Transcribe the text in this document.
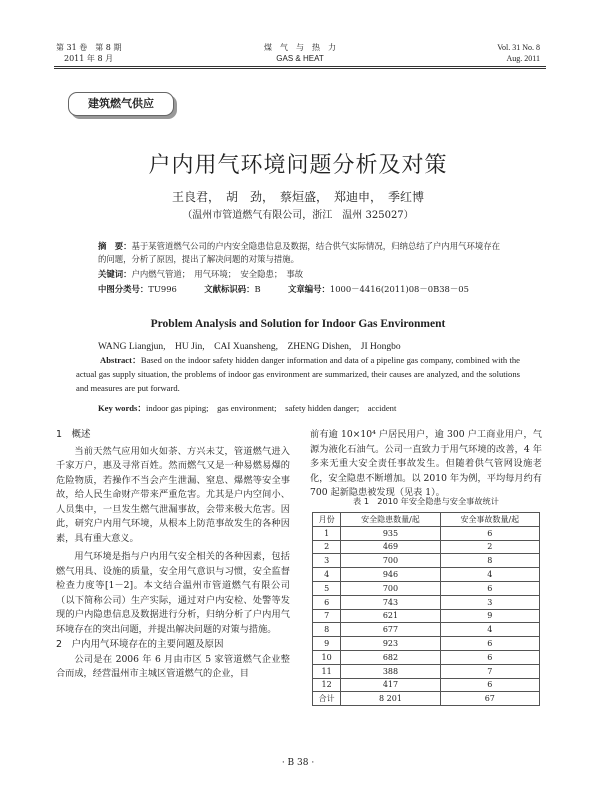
第 31 卷　第 8 期
2011 年 8 月
煤　气　与　热　力
GAS & HEAT
Vol. 31 No. 8
Aug. 2011
建筑燃气供应
户内用气环境问题分析及对策
王良君，　胡　劲，　蔡烜盛，　郑迪申，　季红博
（温州市管道燃气有限公司，浙江　温州 325027）
摘　要：基于某管道燃气公司的户内安全隐患信息及数据，结合供气实际情况，归纳总结了户内用气环境存在的问题，分析了原因，提出了解决问题的对策与措施。
关键词：户内燃气管道；　用气环境；　安全隐患；　事故
中图分类号：TU996	文献标识码：B	文章编号：1000－4416(2011)08－0B38－05
Problem Analysis and Solution for Indoor Gas Environment
WANG Liangjun,　HU Jin,　CAI Xuansheng,　ZHENG Dishen,　JI Hongbo
Abstract：Based on the indoor safety hidden danger information and data of a pipeline gas company, combined with the actual gas supply situation, the problems of indoor gas environment are summarized, their causes are analyzed, and the solutions and measures are put forward.
Key words：indoor gas piping;　gas environment;　safety hidden danger;　accident
1　概述

当前天然气应用如火如荼、方兴未艾，管道燃气进入千家万户，惠及寻常百姓。然而燃气又是一种易燃易爆的危险物质，若操作不当会产生泄漏、窒息、爆燃等安全事故，给人民生命财产带来严重危害。尤其是户内空间小、人员集中，一旦发生燃气泄漏事故，会带来极大危害。因此，研究户内用气环境，从根本上防范事故发生的各种因素，具有重大意义。

用气环境是指与户内用气安全相关的各种因素，包括燃气用具、设施的质量，安全用气意识与习惯，安全监督检查力度等[1－2]。本文结合温州市管道燃气有限公司（以下简称公司）生产实际，通过对户内安检、处警等发现的户内隐患信息及数据进行分析，归纳分析了户内用气环境存在的突出问题，并提出解决问题的对策与措施。

2　户内用气环境存在的主要问题及原因

公司是在 2006 年 6 月由市区 5 家管道燃气企业整合而成，经营温州市主城区管道燃气的企业，目

前有逾 10×10⁴ 户居民用户，逾 300 户工商业用户，气源为液化石油气。公司一直致力于用气环境的改善，4 年多来无重大安全责任事故发生。但随着供气管网设施老化，安全隐患不断增加。以 2010 年为例，平均每月约有 700 起新隐患被发现（见表 1）。

表 1　2010 年安全隐患与安全事故统计
月份	安全隐患数量/起	安全事故数量/起
1	935	6
2	469	2
3	700	8
4	946	4
5	700	6
6	743	3
7	621	9
8	677	4
9	923	6
10	682	6
11	388	7
12	417	6
合计	8 201	67
· B 38 ·
